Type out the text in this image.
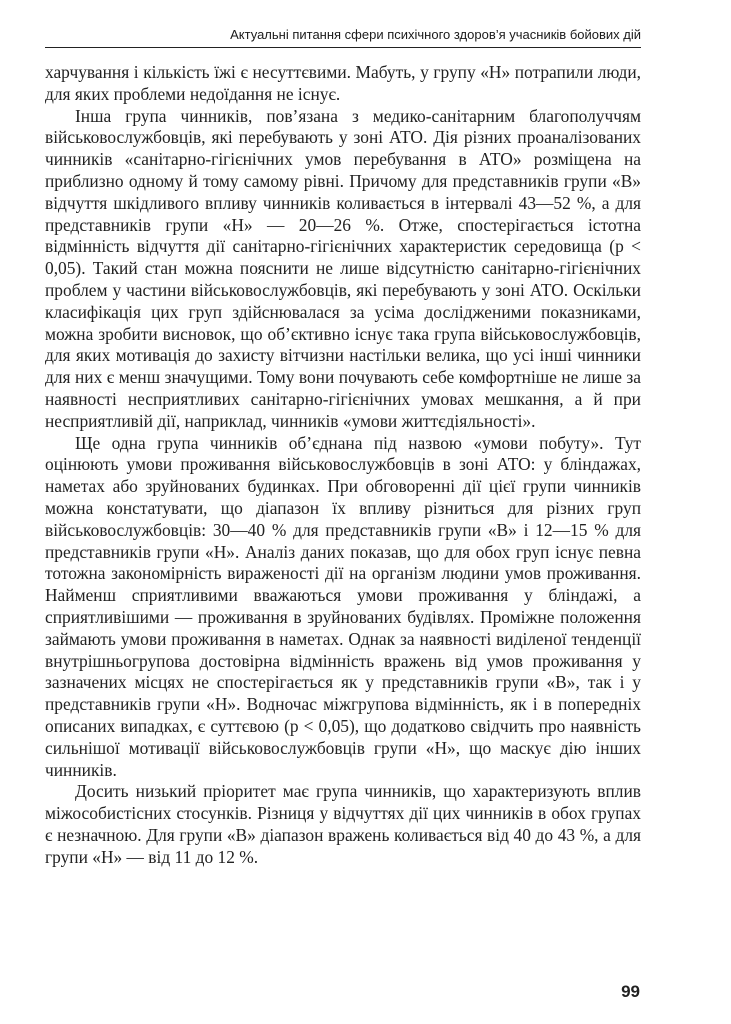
Актуальні питання сфери психічного здоров’я учасників бойових дій

харчування і кількість їжі є несуттєвими. Мабуть, у групу «Н» потрапили люди, для яких проблеми недоїдання не існує.

Інша група чинників, пов’язана з медико-санітарним благополуччям військовослужбовців, які перебувають у зоні АТО. Дія різних проаналізованих чинників «санітарно-гігієнічних умов перебування в АТО» розміщена на приблизно одному й тому самому рівні. Причому для представників групи «В» відчуття шкідливого впливу чинників коливається в інтервалі 43—52 %, а для представників групи «Н» — 20—26 %. Отже, спостерігається істотна відмінність відчуття дії санітарно-гігієнічних характеристик середовища (р < 0,05). Такий стан можна пояснити не лише відсутністю санітарно-гігієнічних проблем у частини військовослужбовців, які перебувають у зоні АТО. Оскільки класифікація цих груп здійснювалася за усіма дослідженими показниками, можна зробити висновок, що об’єктивно існує така група військовослужбовців, для яких мотивація до захисту вітчизни настільки велика, що усі інші чинники для них є менш значущими. Тому вони почувають себе комфортніше не лише за наявності несприятливих санітарно-гігієнічних умовах мешкання, а й при несприятливій дії, наприклад, чинників «умови життєдіяльності».

Ще одна група чинників об’єднана під назвою «умови побуту». Тут оцінюють умови проживання військовослужбовців в зоні АТО: у бліндажах, наметах або зруйнованих будинках. При обговоренні дії цієї групи чинників можна констатувати, що діапазон їх впливу різниться для різних груп військовослужбовців: 30—40 % для представників групи «В» і 12—15 % для представників групи «Н». Аналіз даних показав, що для обох груп існує певна тотожна закономірність вираженості дії на організм людини умов проживання. Найменш сприятливими вважаються умови проживання у бліндажі, а сприятливішими — проживання в зруйнованих будівлях. Проміжне положення займають умови проживання в наметах. Однак за наявності виділеної тенденції внутрішньогрупова достовірна відмінність вражень від умов проживання у зазначених місцях не спостерігається як у представників групи «В», так і у представників групи «Н». Водночас міжгрупова відмінність, як і в попередніх описаних випадках, є суттєвою (р < 0,05), що додатково свідчить про наявність сильнішої мотивації військовослужбовців групи «Н», що маскує дію інших чинників.

Досить низький пріоритет має група чинників, що характеризують вплив міжособистісних стосунків. Різниця у відчуттях дії цих чинників в обох групах є незначною. Для групи «В» діапазон вражень коливається від 40 до 43 %, а для групи «Н» — від 11 до 12 %.

99
